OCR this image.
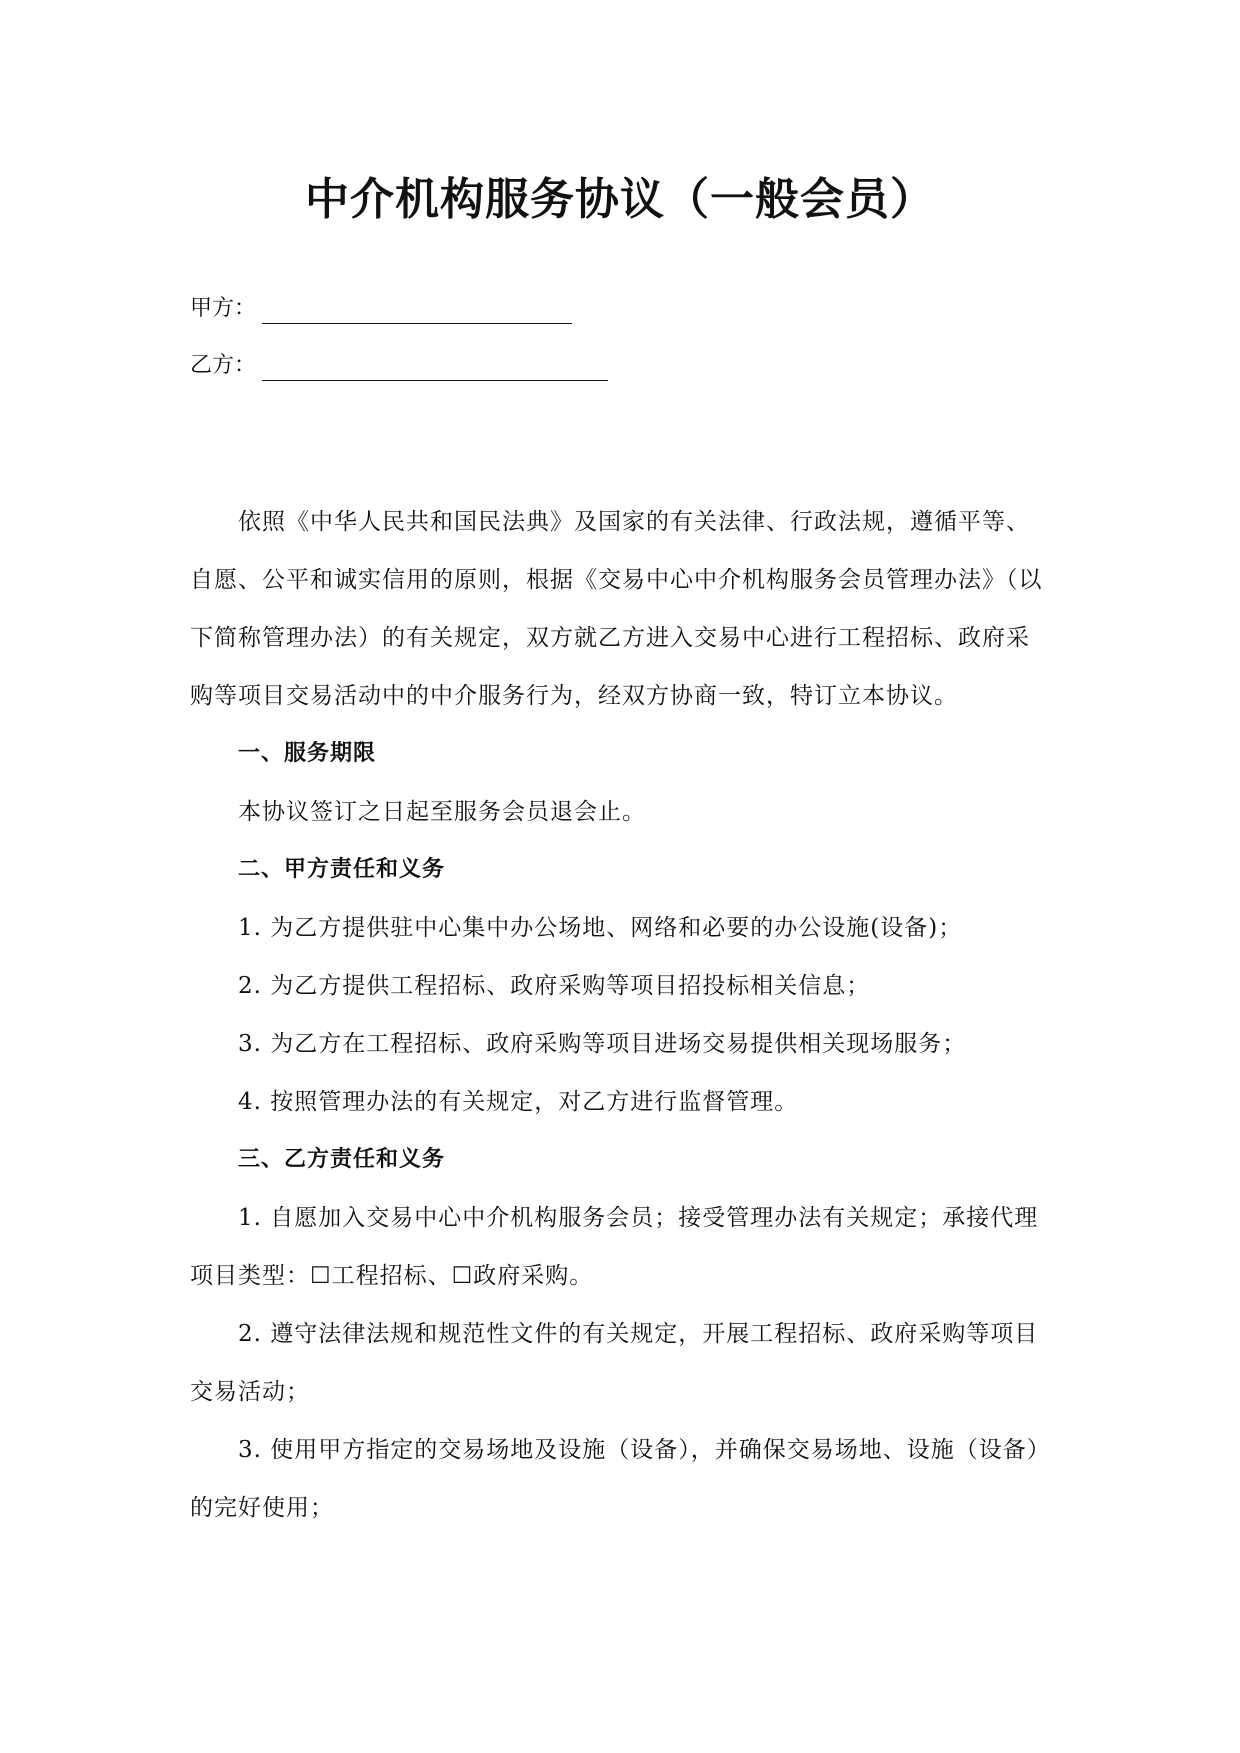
中介机构服务协议（一般会员）
甲方：
乙方：

依照《中华人民共和国民法典》及国家的有关法律、行政法规，遵循平等、自愿、公平和诚实信用的原则，根据《交易中心中介机构服务会员管理办法》（以下简称管理办法）的有关规定，双方就乙方进入交易中心进行工程招标、政府采购等项目交易活动中的中介服务行为，经双方协商一致，特订立本协议。

一、服务期限

本协议签订之日起至服务会员退会止。

二、甲方责任和义务

1. 为乙方提供驻中心集中办公场地、网络和必要的办公设施(设备)；

2. 为乙方提供工程招标、政府采购等项目招投标相关信息；

3. 为乙方在工程招标、政府采购等项目进场交易提供相关现场服务；

4. 按照管理办法的有关规定，对乙方进行监督管理。

三、乙方责任和义务

1. 自愿加入交易中心中介机构服务会员；接受管理办法有关规定；承接代理项目类型：☐工程招标、☐政府采购。

2. 遵守法律法规和规范性文件的有关规定，开展工程招标、政府采购等项目交易活动；

3. 使用甲方指定的交易场地及设施（设备），并确保交易场地、设施（设备）的完好使用；
